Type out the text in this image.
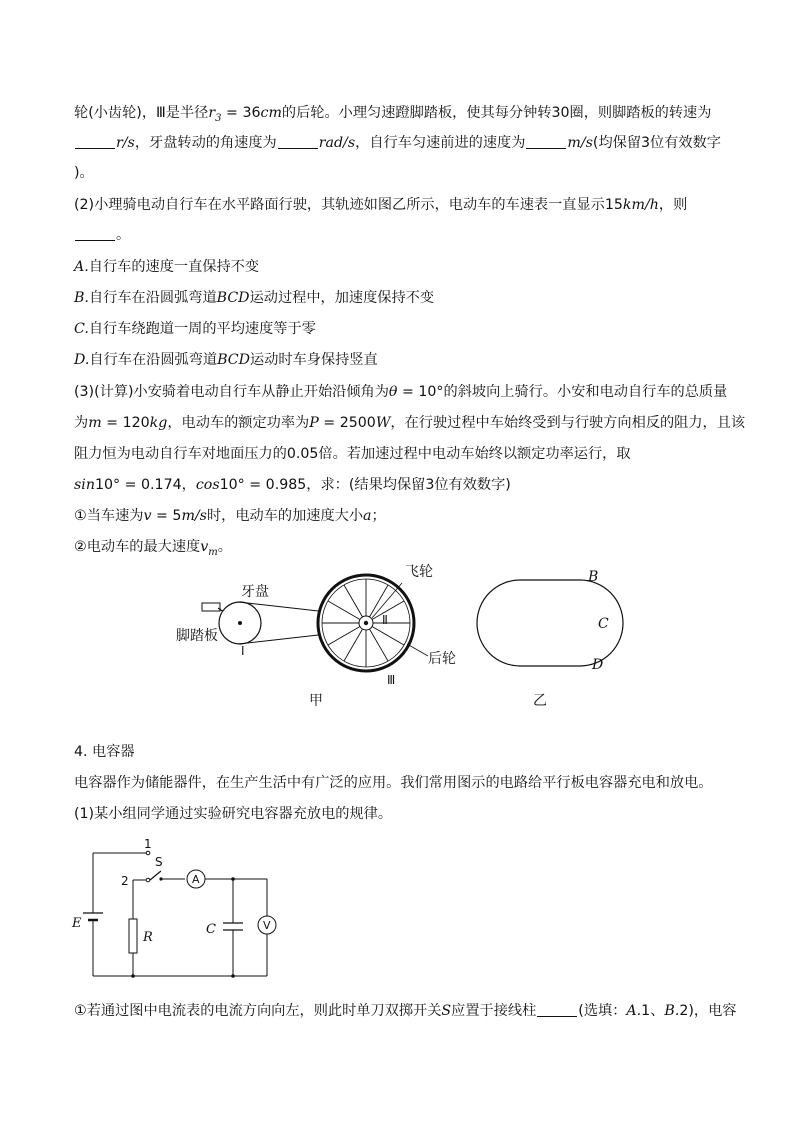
轮(小齿轮)，Ⅲ是半径$r_3 = 36cm$的后轮。小理匀速蹬脚踏板，使其每分钟转30圈，则脚踏板的转速为
r/s，牙盘转动的角速度为	rad/s，自行车匀速前进的速度为	m/s(均保留3位有效数字
)。
(2)小理骑电动自行车在水平路面行驶，其轨迹如图乙所示，电动车的车速表一直显示15km/h，则
。
A.自行车的速度一直保持不变
B.自行车在沿圆弧弯道BCD运动过程中，加速度保持不变
C.自行车绕跑道一周的平均速度等于零
D.自行车在沿圆弧弯道BCD运动时车身保持竖直
(3)(计算)小安骑着电动自行车从静止开始沿倾角为θ = 10°的斜坡向上骑行。小安和电动自行车的总质量
为m = 120kg，电动车的额定功率为P = 2500W，在行驶过程中车始终受到与行驶方向相反的阻力，且该
阻力恒为电动自行车对地面压力的0.05倍。若加速过程中电动车始终以额定功率运行，取
sin10° = 0.174，cos10° = 0.985，求：(结果均保留3位有效数字)
①当车速为v = 5m/s时，电动车的加速度大小a；
②电动车的最大速度$v_m$。
牙盘
脚踏板
Ⅰ
飞轮
Ⅱ
后轮
Ⅲ
甲
B
C
D
乙
4. 电容器
电容器作为储能器件，在生产生活中有广泛的应用。我们常用图示的电路给平行板电容器充电和放电。
(1)某小组同学通过实验研究电容器充放电的规律。
1
2
S
A
V
E
R
C
①若通过图中电流表的电流方向向左，则此时单刀双掷开关S应置于接线柱	(选填：A.1、B.2)，电容
